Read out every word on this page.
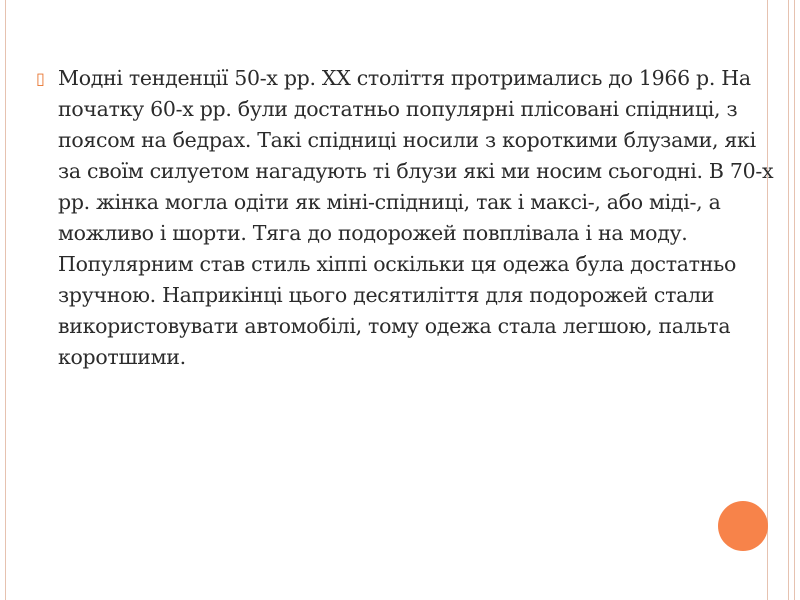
▯ Модні тенденції 50-х рр. ХХ століття протримались до 1966 р. На початку 60-х рр. були достатньо популярні плісовані спідниці, з поясом на бедрах. Такі спідниці носили з короткими блузами, які за своїм силуетом нагадують ті блузи які ми носим сьогодні. В 70-х рр. жінка могла одіти як міні-спідниці, так і максі-, або міді-, а можливо і шорти. Тяга до подорожей повплівала і на моду. Популярним став стиль хіппі оскільки ця одежа була достатньо зручною. Наприкінці цього десятиліття для подорожей стали використовувати автомобілі, тому одежа стала легшою, пальта коротшими.
